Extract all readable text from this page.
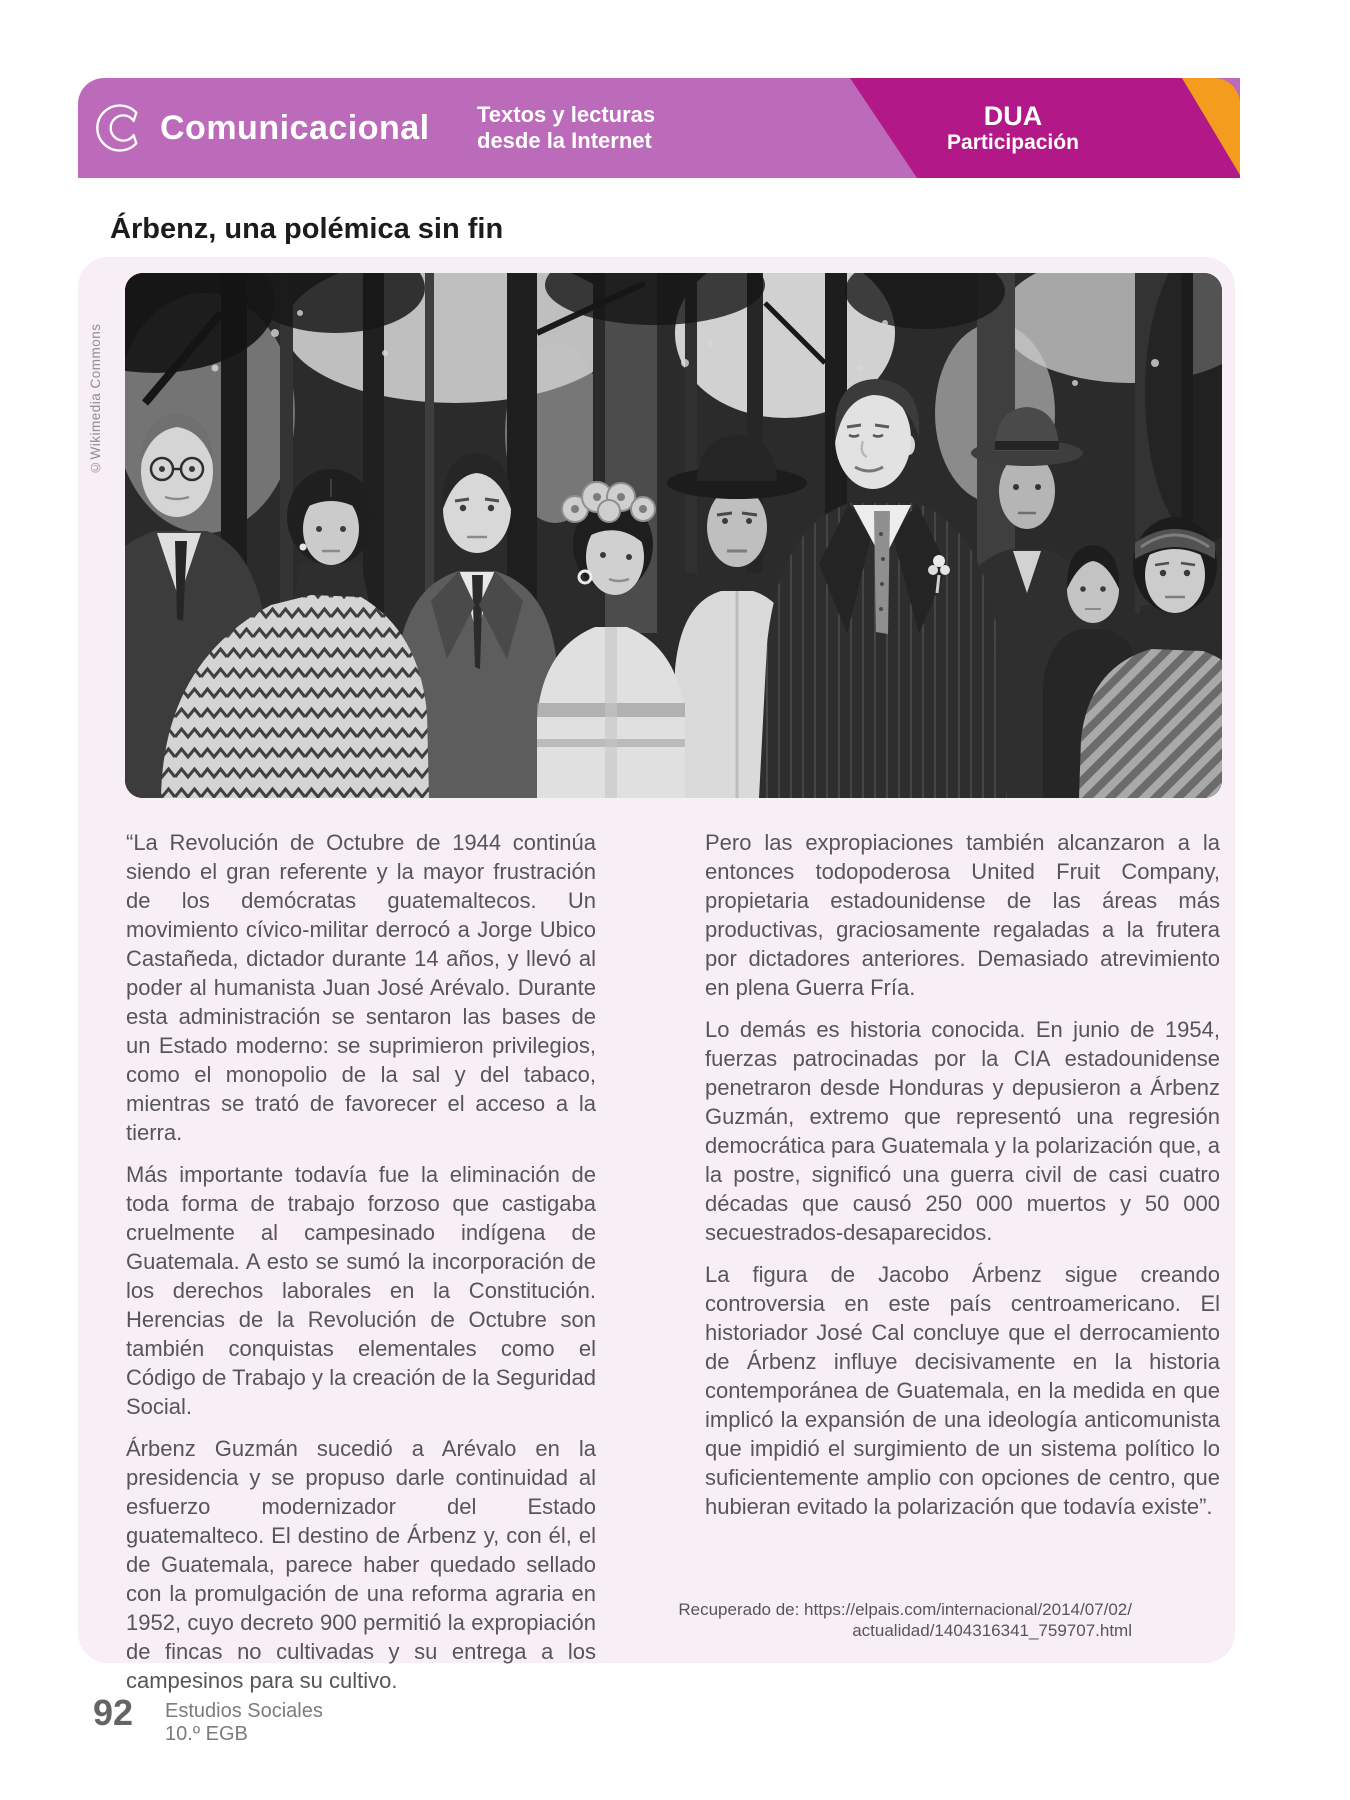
Comunicacional Textos y lecturas
desde la Internet
DUA
Participación
Árbenz, una polémica sin fin
©Wikimedia Commons

“La Revolución de Octubre de 1944 continúa siendo el gran referente y la mayor frustración de los demócratas guatemaltecos. Un movimiento cívico-militar derrocó a Jorge Ubico Castañeda, dictador durante 14 años, y llevó al poder al humanista Juan José Arévalo. Durante esta administración se sentaron las bases de un Estado moderno: se suprimieron privilegios, como el monopolio de la sal y del tabaco, mientras se trató de favorecer el acceso a la tierra.

Más importante todavía fue la eliminación de toda forma de trabajo forzoso que castigaba cruelmente al campesinado indígena de Guatemala. A esto se sumó la incorporación de los derechos laborales en la Constitución. Herencias de la Revolución de Octubre son también conquistas elementales como el Código de Trabajo y la creación de la Seguridad Social.

Árbenz Guzmán sucedió a Arévalo en la presidencia y se propuso darle continuidad al esfuerzo modernizador del Estado guatemalteco. El destino de Árbenz y, con él, el de Guatemala, parece haber quedado sellado con la promulgación de una reforma agraria en 1952, cuyo decreto 900 permitió la expropiación de fincas no cultivadas y su entrega a los campesinos para su cultivo.

Pero las expropiaciones también alcanzaron a la entonces todopoderosa United Fruit Company, propietaria estadounidense de las áreas más productivas, graciosamente regaladas a la frutera por dictadores anteriores. Demasiado atrevimiento en plena Guerra Fría.

Lo demás es historia conocida. En junio de 1954, fuerzas patrocinadas por la CIA estadounidense penetraron desde Honduras y depusieron a Árbenz Guzmán, extremo que representó una regresión democrática para Guatemala y la polarización que, a la postre, significó una guerra civil de casi cuatro décadas que causó 250 000 muertos y 50 000 secuestrados-desaparecidos.

La figura de Jacobo Árbenz sigue creando controversia en este país centroamericano. El historiador José Cal concluye que el derrocamiento de Árbenz influye decisivamente en la historia contemporánea de Guatemala, en la medida en que implicó la expansión de una ideología anticomunista que impidió el surgimiento de un sistema político lo suficientemente amplio con opciones de centro, que hubieran evitado la polarización que todavía existe”.

Recuperado de: https://elpais.com/internacional/2014/07/02/
actualidad/1404316341_759707.html
92 Estudios Sociales
10.º EGB
